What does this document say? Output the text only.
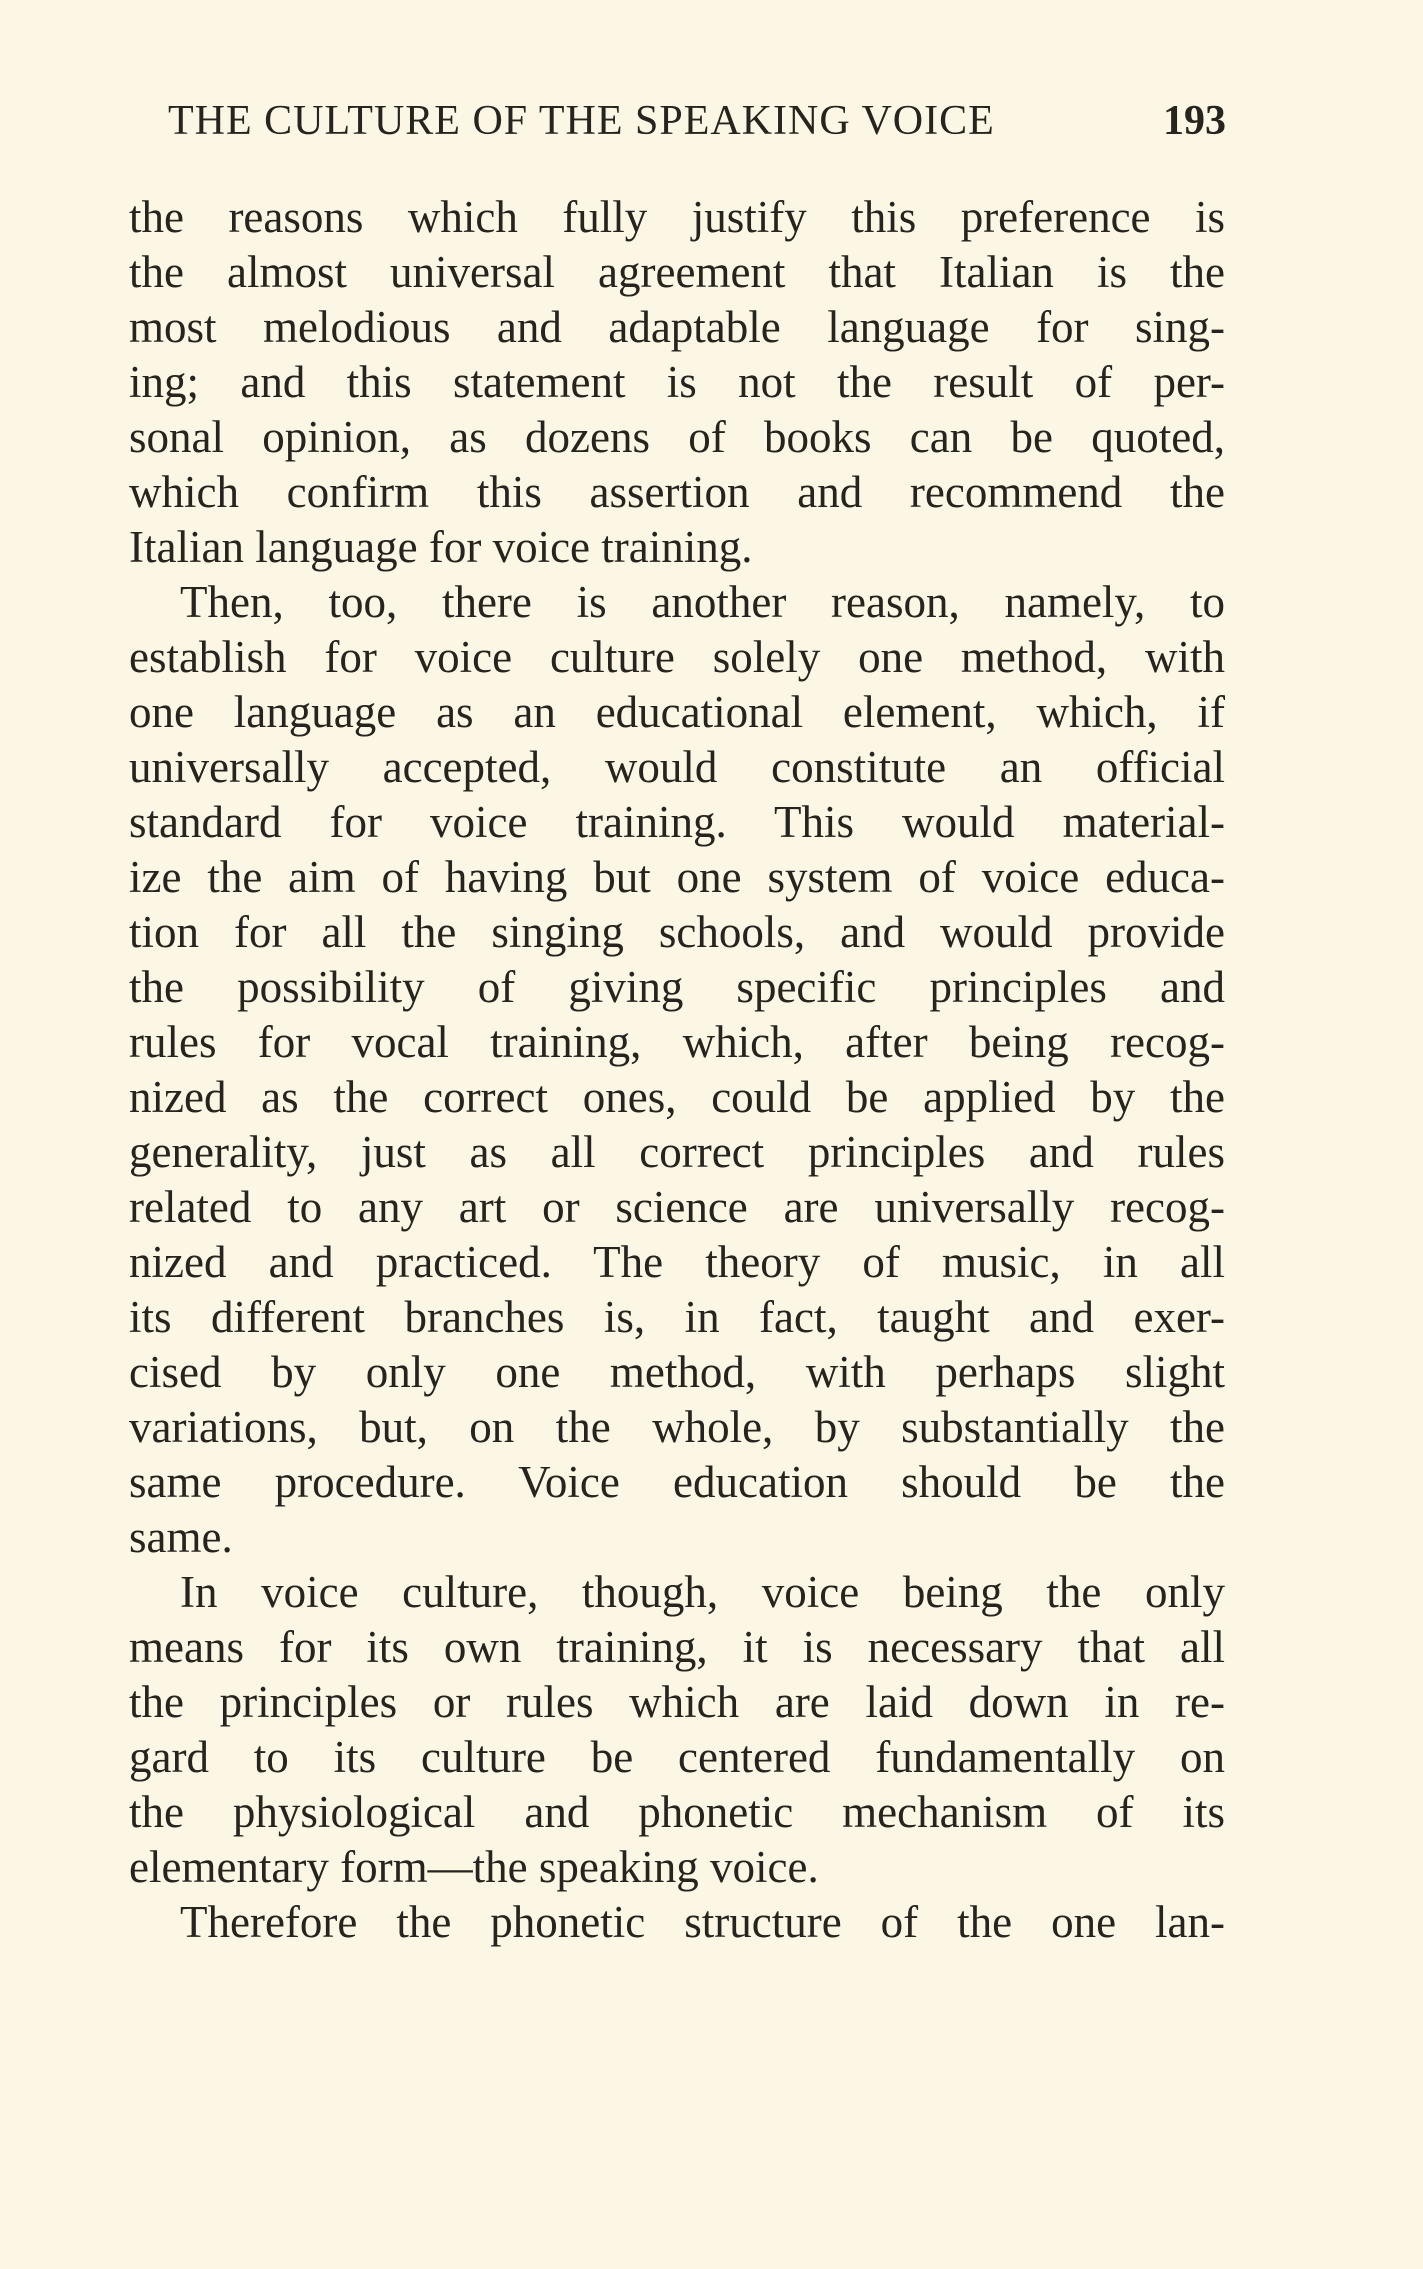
THE CULTURE OF THE SPEAKING VOICE	193
the reasons which fully justify this preference is
the almost universal agreement that Italian is the
most melodious and adaptable language for sing-
ing; and this statement is not the result of per-
sonal opinion, as dozens of books can be quoted,
which confirm this assertion and recommend the
Italian language for voice training.
Then, too, there is another reason, namely, to
establish for voice culture solely one method, with
one language as an educational element, which, if
universally accepted, would constitute an official
standard for voice training. This would material-
ize the aim of having but one system of voice educa-
tion for all the singing schools, and would provide
the possibility of giving specific principles and
rules for vocal training, which, after being recog-
nized as the correct ones, could be applied by the
generality, just as all correct principles and rules
related to any art or science are universally recog-
nized and practiced. The theory of music, in all
its different branches is, in fact, taught and exer-
cised by only one method, with perhaps slight
variations, but, on the whole, by substantially the
same procedure. Voice education should be the
same.
In voice culture, though, voice being the only
means for its own training, it is necessary that all
the principles or rules which are laid down in re-
gard to its culture be centered fundamentally on
the physiological and phonetic mechanism of its
elementary form—the speaking voice.
Therefore the phonetic structure of the one lan-
